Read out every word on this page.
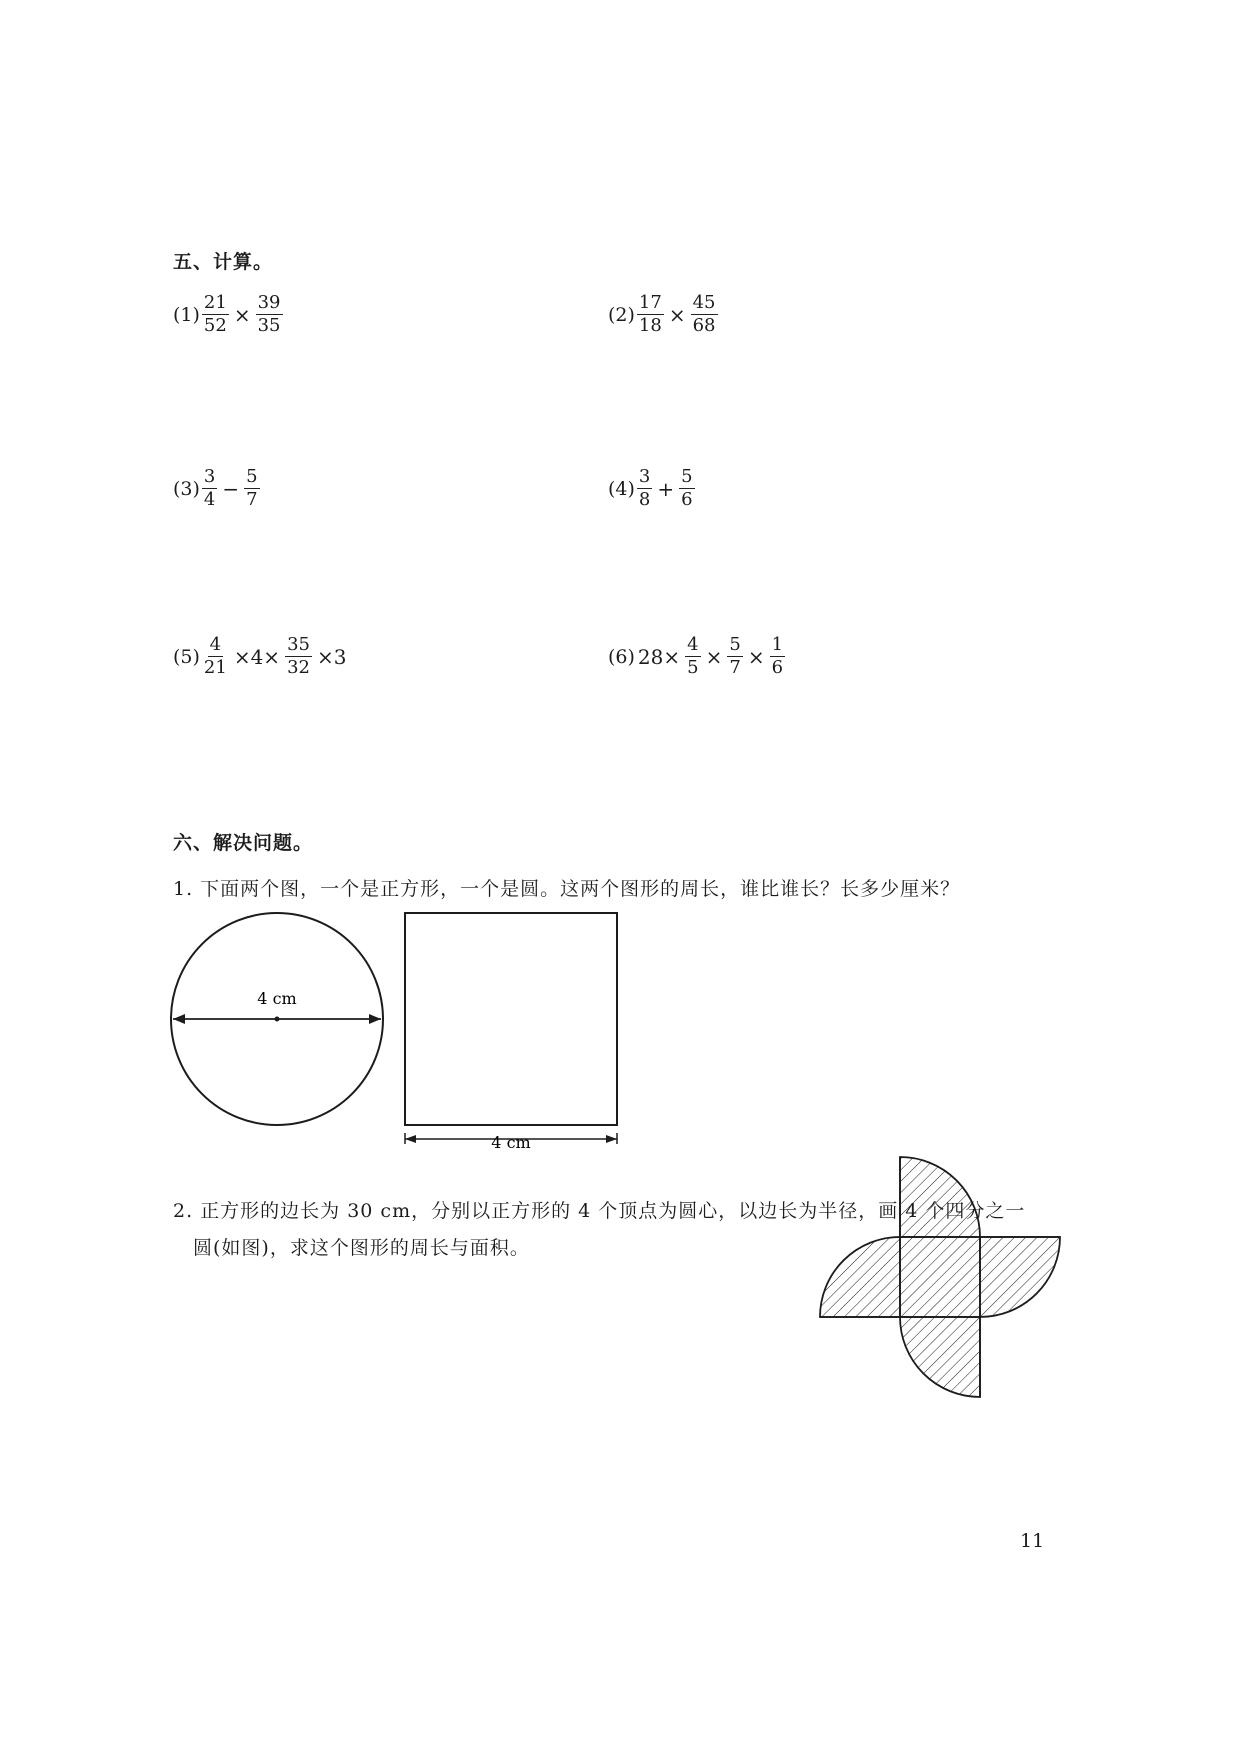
五、计算。
$(1) \frac{21}{52} \times \frac{39}{35}$	$(2) \frac{17}{18} \times \frac{45}{68}$
$(3) \frac{3}{4} - \frac{5}{7}$	$(4) \frac{3}{8} + \frac{5}{6}$
$(5) \frac{4}{21} \times 4\times \frac{35}{32} \times 3$	(6) $28\times \frac{4}{5} \times \frac{5}{7} \times \frac{1}{6}$
六、解决问题。
1. 下面两个图，一个是正方形，一个是圆。这两个图形的周长，谁比谁长？长多少厘米？
4 cm
4 cm
2. 正方形的边长为 30 cm，分别以正方形的 4 个顶点为圆心，以边长为半径，画 4 个四分之一
圆(如图)，求这个图形的周长与面积。
11
